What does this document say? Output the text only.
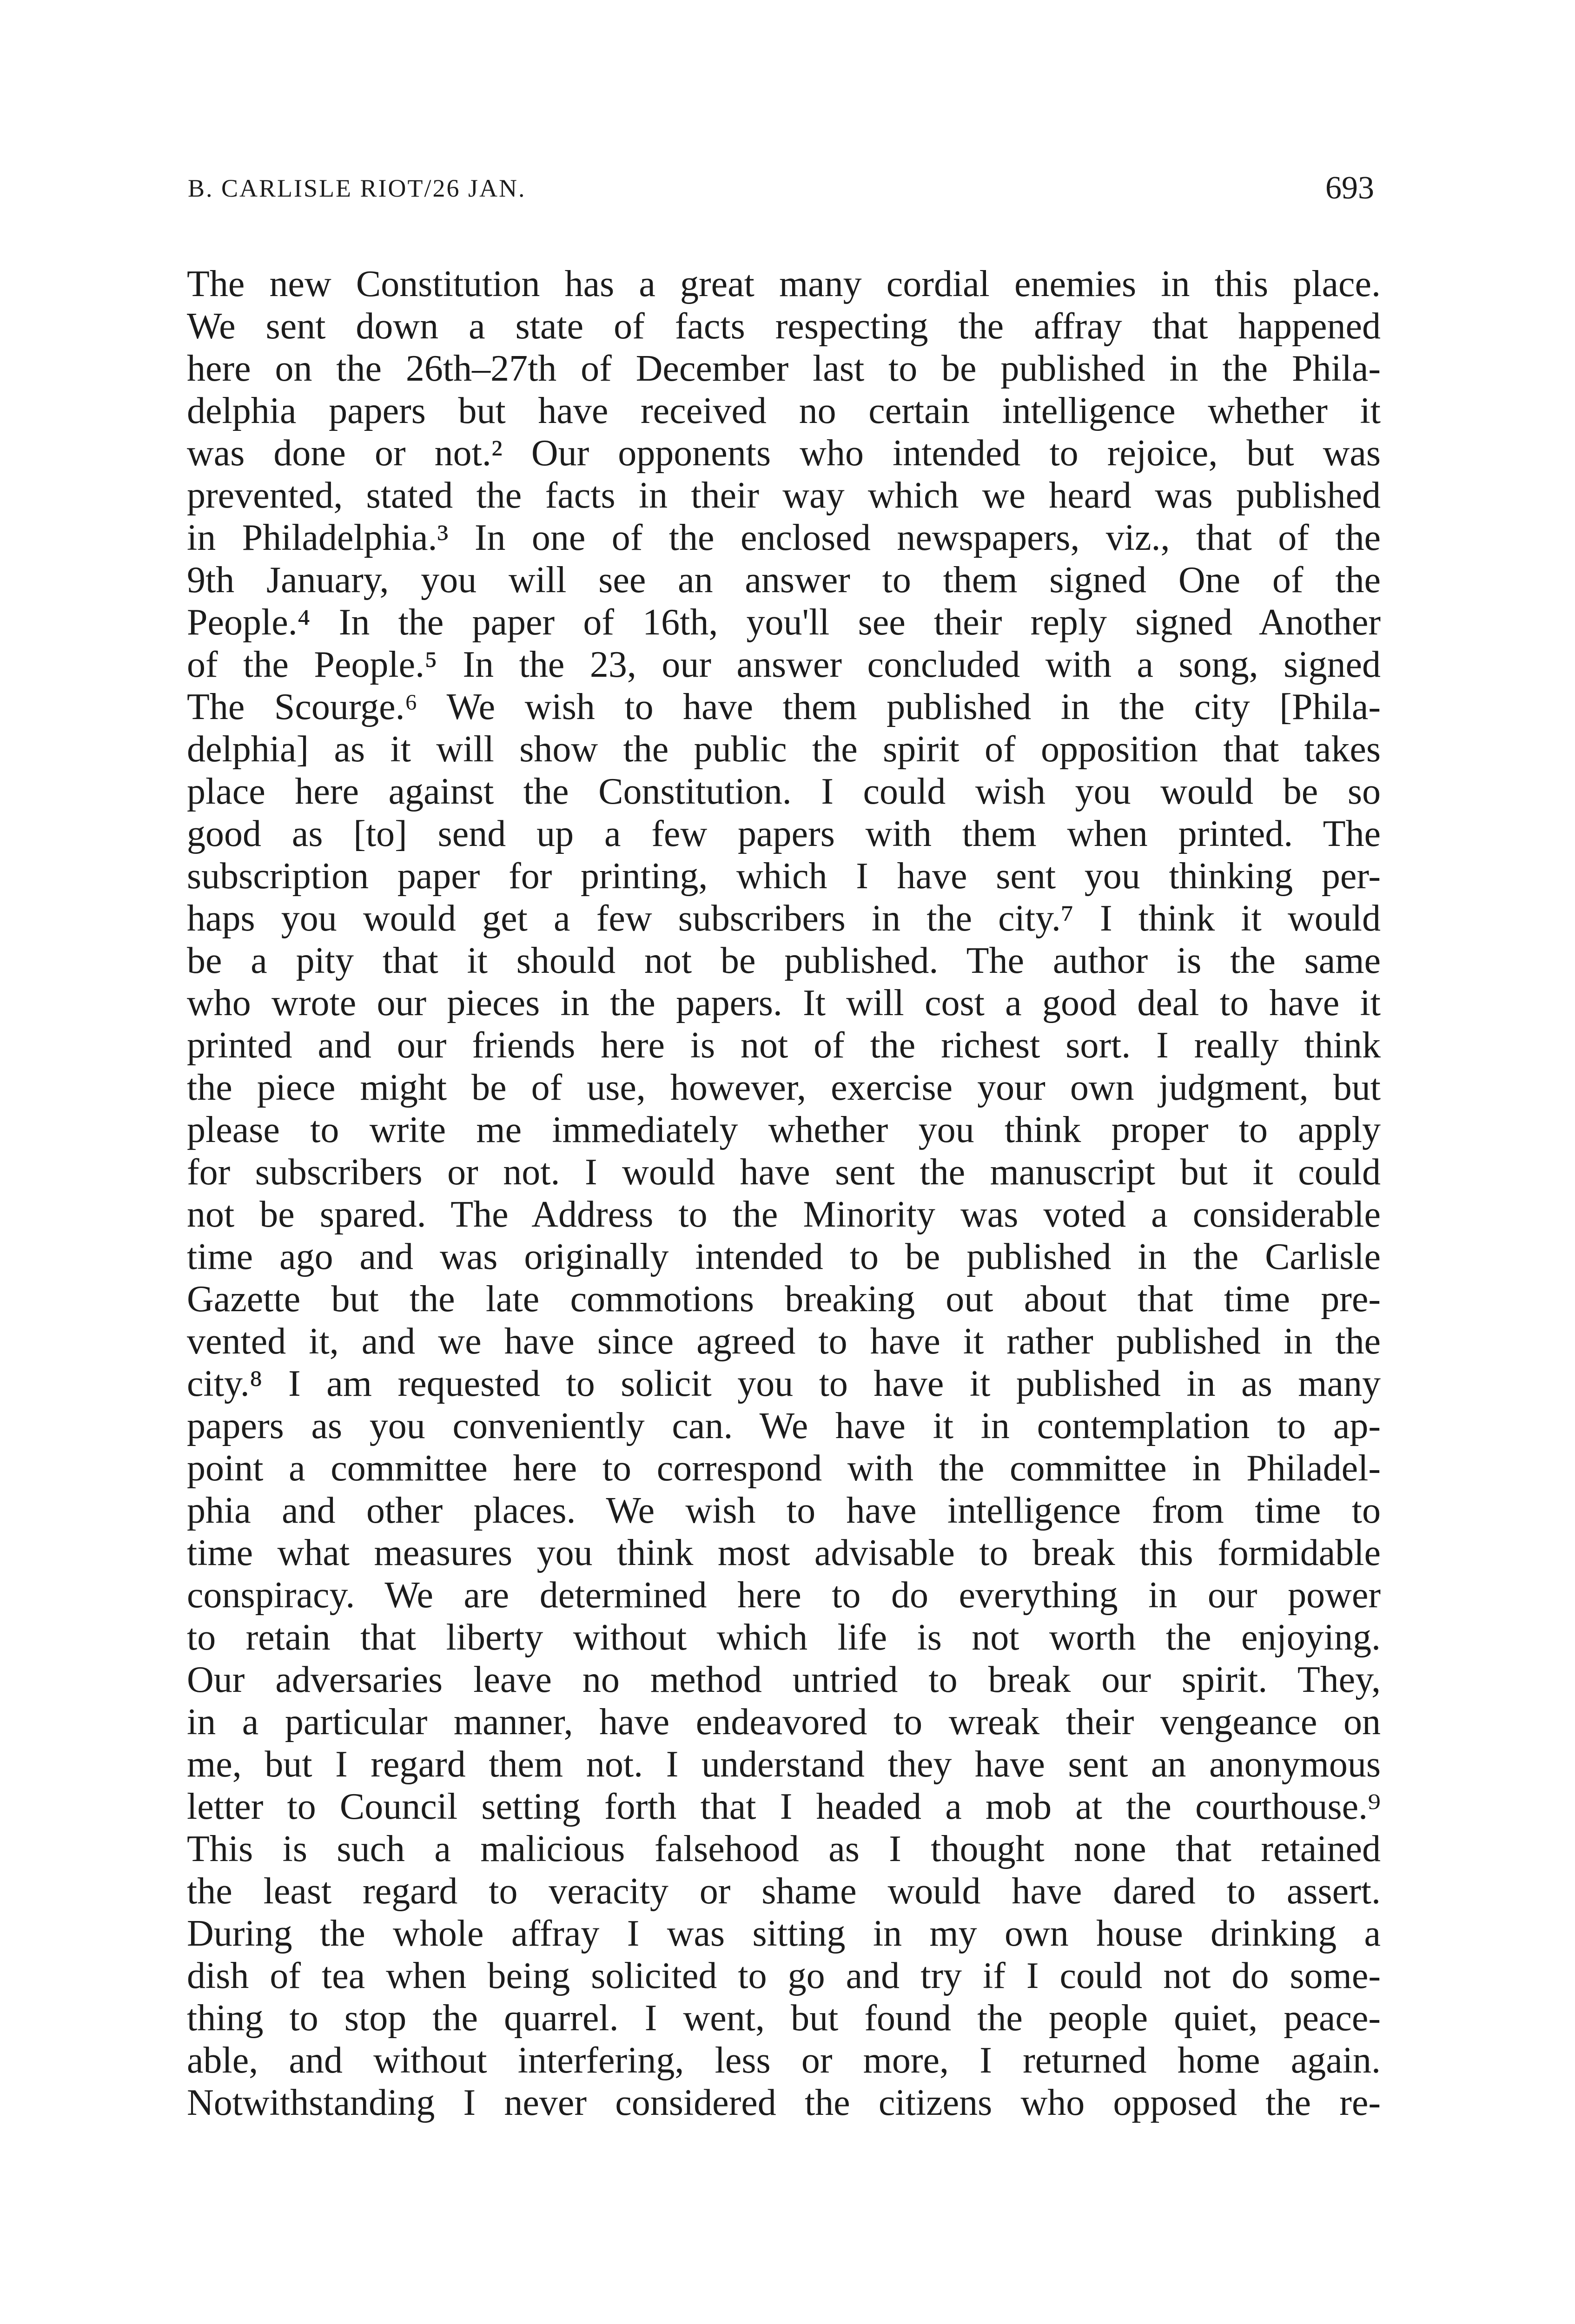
B. CARLISLE RIOT/26 JAN.	693
The new Constitution has a great many cordial enemies in this place.
We sent down a state of facts respecting the affray that happened
here on the 26th–27th of December last to be published in the Phila-
delphia papers but have received no certain intelligence whether it
was done or not.² Our opponents who intended to rejoice, but was
prevented, stated the facts in their way which we heard was published
in Philadelphia.³ In one of the enclosed newspapers, viz., that of the
9th January, you will see an answer to them signed One of the
People.⁴ In the paper of 16th, you'll see their reply signed Another
of the People.⁵ In the 23, our answer concluded with a song, signed
The Scourge.⁶ We wish to have them published in the city [Phila-
delphia] as it will show the public the spirit of opposition that takes
place here against the Constitution. I could wish you would be so
good as [to] send up a few papers with them when printed. The
subscription paper for printing, which I have sent you thinking per-
haps you would get a few subscribers in the city.⁷ I think it would
be a pity that it should not be published. The author is the same
who wrote our pieces in the papers. It will cost a good deal to have it
printed and our friends here is not of the richest sort. I really think
the piece might be of use, however, exercise your own judgment, but
please to write me immediately whether you think proper to apply
for subscribers or not. I would have sent the manuscript but it could
not be spared. The Address to the Minority was voted a considerable
time ago and was originally intended to be published in the Carlisle
Gazette but the late commotions breaking out about that time pre-
vented it, and we have since agreed to have it rather published in the
city.⁸ I am requested to solicit you to have it published in as many
papers as you conveniently can. We have it in contemplation to ap-
point a committee here to correspond with the committee in Philadel-
phia and other places. We wish to have intelligence from time to
time what measures you think most advisable to break this formidable
conspiracy. We are determined here to do everything in our power
to retain that liberty without which life is not worth the enjoying.
Our adversaries leave no method untried to break our spirit. They,
in a particular manner, have endeavored to wreak their vengeance on
me, but I regard them not. I understand they have sent an anonymous
letter to Council setting forth that I headed a mob at the courthouse.⁹
This is such a malicious falsehood as I thought none that retained
the least regard to veracity or shame would have dared to assert.
During the whole affray I was sitting in my own house drinking a
dish of tea when being solicited to go and try if I could not do some-
thing to stop the quarrel. I went, but found the people quiet, peace-
able, and without interfering, less or more, I returned home again.
Notwithstanding I never considered the citizens who opposed the re-
